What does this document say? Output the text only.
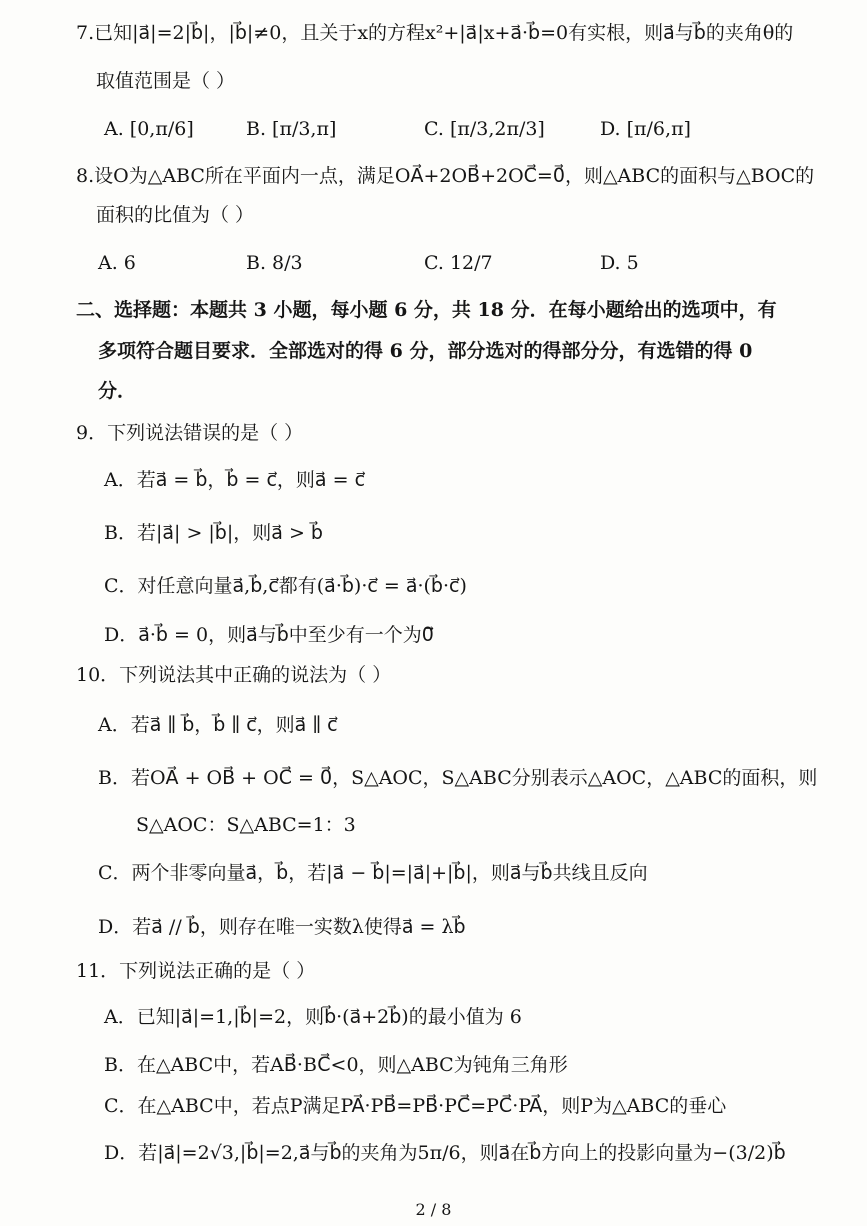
7.已知|a⃗|=2|b⃗|，|b⃗|≠0，且关于x的方程x²+|a⃗|x+a⃗·b⃗=0有实根，则a⃗与b⃗的夹角θ的
取值范围是（ ）
A. [0,π/6]	B. [π/3,π]	C. [π/3,2π/3]	D. [π/6,π]
8.设O为△ABC所在平面内一点，满足OA⃗+2OB⃗+2OC⃗=0⃗，则△ABC的面积与△BOC的
面积的比值为（ ）
A. 6	B. 8/3	C. 12/7	D. 5
二、选择题：本题共 3 小题，每小题 6 分，共 18 分．在每小题给出的选项中，有
多项符合题目要求．全部选对的得 6 分，部分选对的得部分分，有选错的得 0
分．
9．下列说法错误的是（ ）
A．若a⃗ = b⃗，b⃗ = c⃗，则a⃗ = c⃗
B．若|a⃗| > |b⃗|，则a⃗ > b⃗
C．对任意向量a⃗,b⃗,c⃗都有(a⃗·b⃗)·c⃗ = a⃗·(b⃗·c⃗)
D．a⃗·b⃗ = 0，则a⃗与b⃗中至少有一个为0⃗
10．下列说法其中正确的说法为（ ）
A．若a⃗ ∥ b⃗，b⃗ ∥ c⃗，则a⃗ ∥ c⃗
B．若OA⃗ + OB⃗ + OC⃗ = 0⃗，S△AOC，S△ABC分别表示△AOC，△ABC的面积，则
S△AOC：S△ABC=1：3
C．两个非零向量a⃗，b⃗，若|a⃗ − b⃗|=|a⃗|+|b⃗|，则a⃗与b⃗共线且反向
D．若a⃗ // b⃗，则存在唯一实数λ使得a⃗ = λb⃗
11．下列说法正确的是（ ）
A．已知|a⃗|=1,|b⃗|=2，则b⃗·(a⃗+2b⃗)的最小值为 6
B．在△ABC中，若AB⃗·BC⃗<0，则△ABC为钝角三角形
C．在△ABC中，若点P满足PA⃗·PB⃗=PB⃗·PC⃗=PC⃗·PA⃗，则P为△ABC的垂心
D．若|a⃗|=2√3,|b⃗|=2,a⃗与b⃗的夹角为5π/6，则a⃗在b⃗方向上的投影向量为−(3/2)b⃗
2 / 8
